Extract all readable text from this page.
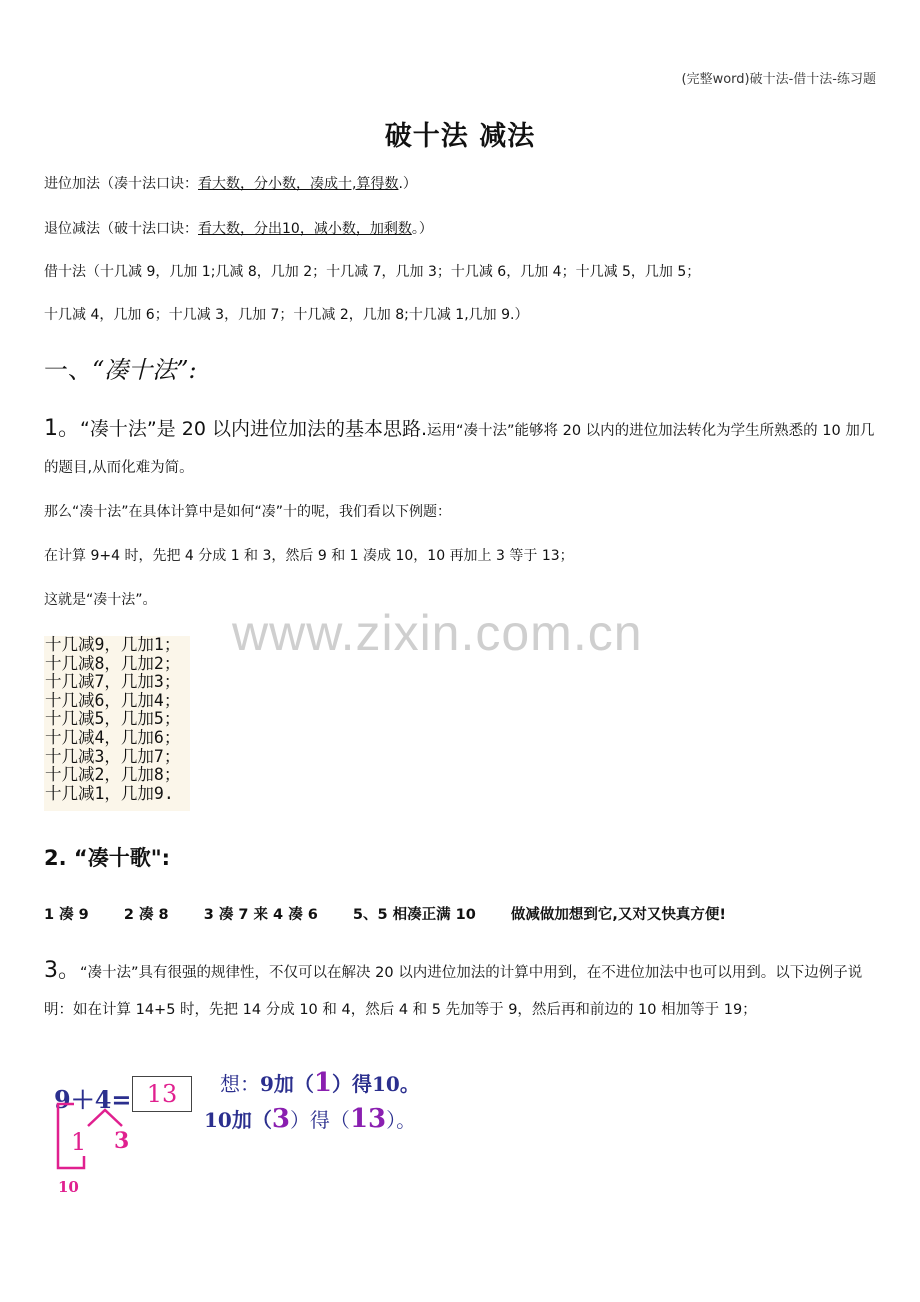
(完整word)破十法-借十法-练习题
破十法 减法
进位加法（凑十法口诀：看大数，分小数，凑成十,算得数.）
退位减法（破十法口诀：看大数，分出10，减小数，加剩数。）
借十法（十几减 9，几加 1;几减 8，几加 2；十几减 7，几加 3；十几减 6，几加 4；十几减 5，几加 5；
十几减 4，几加 6；十几减 3，几加 7；十几减 2，几加 8;十几减 1,几加 9.）
一、“凑十法”:
1。“凑十法”是 20 以内进位加法的基本思路.运用“凑十法”能够将 20 以内的进位加法转化为学生所熟悉的 10 加几的题目,从而化难为简。
那么“凑十法”在具体计算中是如何“凑”十的呢，我们看以下例题：
在计算 9+4 时，先把 4 分成 1 和 3，然后 9 和 1 凑成 10，10 再加上 3 等于 13；
这就是“凑十法”。
十几减9，几加1；
十几减8，几加2；
十几减7，几加3；
十几减6，几加4；
十几减5，几加5；
十几减4，几加6；
十几减3，几加7；
十几减2，几加8；
十几减1，几加9.
www.zixin.com.cn
2. “凑十歌":
1 凑 9 2 凑 8 3 凑 7 来 4 凑 6 5、5 相凑正满 10 做减做加想到它,又对又快真方便!
3。“凑十法”具有很强的规律性，不仅可以在解决 20 以内进位加法的计算中用到，在不进位加法中也可以用到。以下边例子说明：如在计算 14+5 时，先把 14 分成 10 和 4，然后 4 和 5 先加等于 9，然后再和前边的 10 相加等于 19；
9＋4= 13
1 3
10
想：9加（1）得10。
10加（3）得（13）。
